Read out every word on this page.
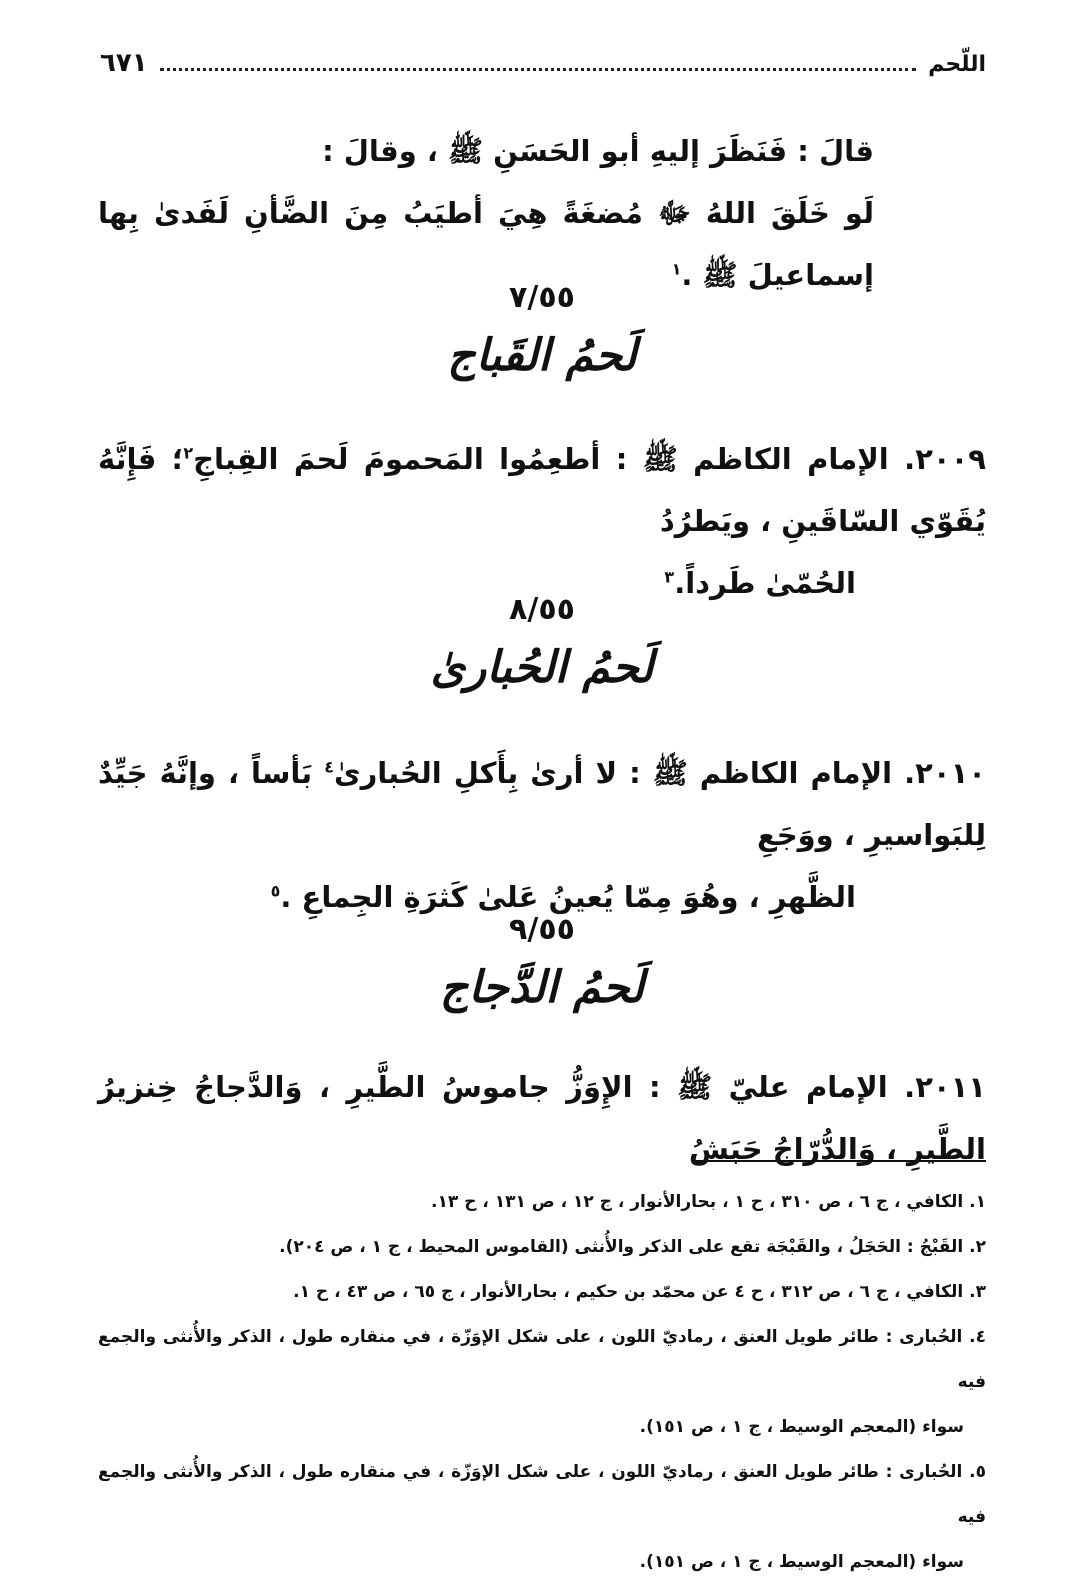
اللّحم
٦٧١
قالَ : فَنَظَرَ إليهِ أبو الحَسَنِ ﷺ ، وقالَ :
لَو خَلَقَ اللهُ ﷻ مُضغَةً هِيَ أطيَبُ مِنَ الضَّأنِ لَفَدىٰ بِها إسماعيلَ ﷺ .$^١$
٧/٥٥
لَحمُ القَباج
٢٠٠٩. الإمام الكاظم ﷺ : أطعِمُوا المَحمومَ لَحمَ القِباجِ$^٢$؛ فَإِنَّهُ يُقَوّي السّاقَينِ ، ويَطرُدُ
الحُمّىٰ طَرداً.$^٣$
٨/٥٥
لَحمُ الحُبارىٰ
٢٠١٠. الإمام الكاظم ﷺ : لا أرىٰ بِأَكلِ الحُبارىٰ$^٤$ بَأساً ، وإنَّهُ جَيِّدٌ لِلبَواسيرِ ، ووَجَعِ
الظَّهرِ ، وهُوَ مِمّا يُعينُ عَلىٰ كَثرَةِ الجِماعِ .$^٥$
٩/٥٥
لَحمُ الدَّجاج
٢٠١١. الإمام عليّ ﷺ : الإِوَزُّ جاموسُ الطَّيرِ ، وَالدَّجاجُ خِنزيرُ الطَّيرِ ، وَالدُّرّاجُ حَبَشُ
١. الكافي ، ج ٦ ، ص ٣١٠ ، ح ١ ، بحارالأنوار ، ج ١٢ ، ص ١٣١ ، ح ١٣.
٢. القَبْجُ : الحَجَلُ ، والقَبْجَة تقع على الذكر والأُنثى (القاموس المحيط ، ج ١ ، ص ٢٠٤).
٣. الكافي ، ج ٦ ، ص ٣١٢ ، ح ٤ عن محمّد بن حكيم ، بحارالأنوار ، ج ٦٥ ، ص ٤٣ ، ح ١.
٤. الحُبارى : طائر طويل العنق ، رماديّ اللون ، على شكل الإوَزّة ، في منقاره طول ، الذكر والأُنثى والجمع فيه
سواء (المعجم الوسيط ، ج ١ ، ص ١٥١).
٥. الحُبارى : طائر طويل العنق ، رماديّ اللون ، على شكل الإوَزّة ، في منقاره طول ، الذكر والأُنثى والجمع فيه
سواء (المعجم الوسيط ، ج ١ ، ص ١٥١).
